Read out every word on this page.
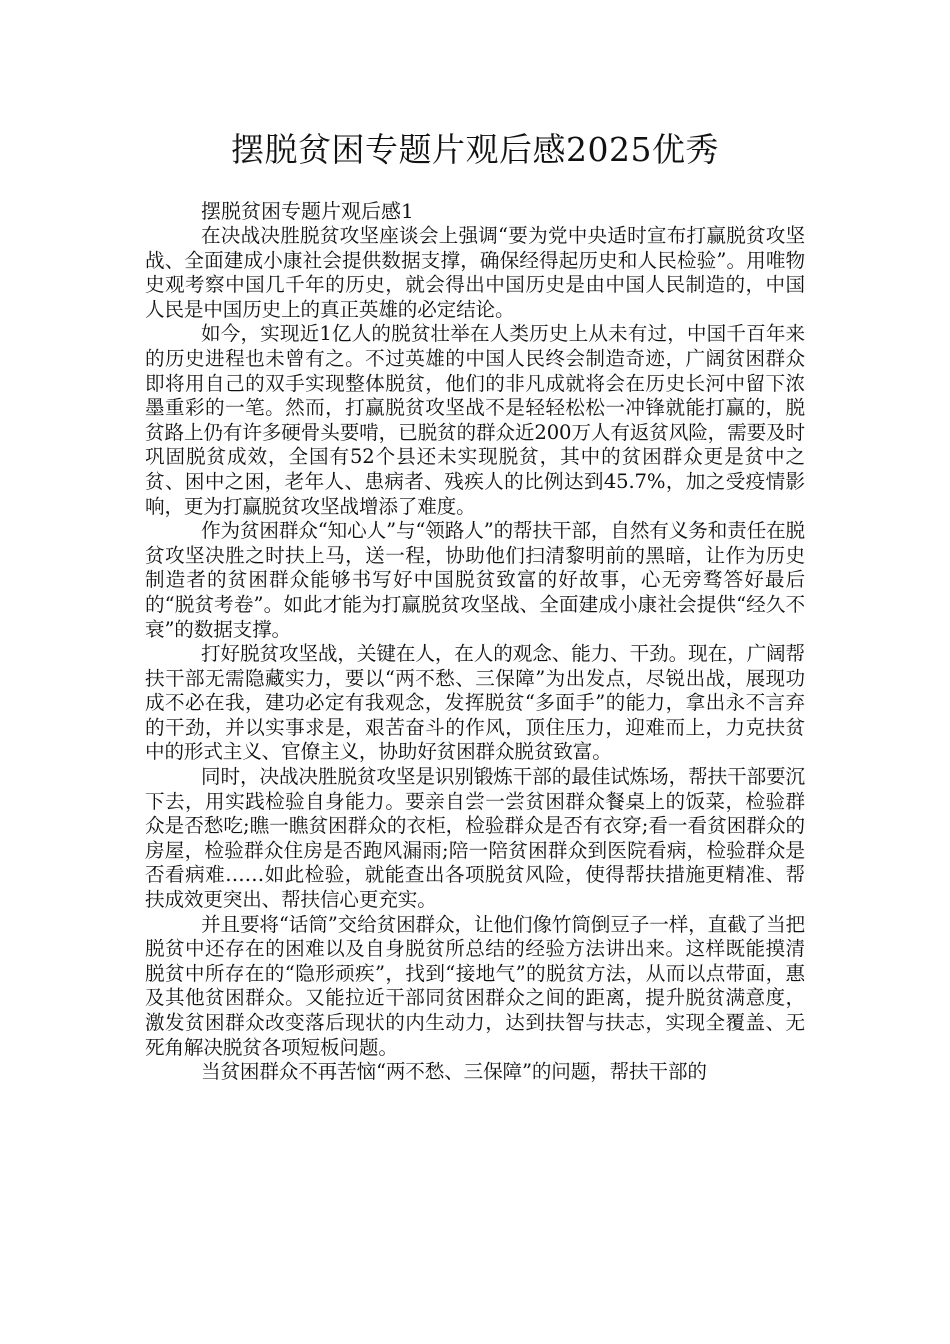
摆脱贫困专题片观后感2025优秀

摆脱贫困专题片观后感1

在决战决胜脱贫攻坚座谈会上强调“要为党中央适时宣布打赢脱贫攻坚战、全面建成小康社会提供数据支撑，确保经得起历史和人民检验”。用唯物史观考察中国几千年的历史，就会得出中国历史是由中国人民制造的，中国人民是中国历史上的真正英雄的必定结论。

如今，实现近1亿人的脱贫壮举在人类历史上从未有过，中国千百年来的历史进程也未曾有之。不过英雄的中国人民终会制造奇迹，广阔贫困群众即将用自己的双手实现整体脱贫，他们的非凡成就将会在历史长河中留下浓墨重彩的一笔。然而，打赢脱贫攻坚战不是轻轻松松一冲锋就能打赢的，脱贫路上仍有许多硬骨头要啃，已脱贫的群众近200万人有返贫风险，需要及时巩固脱贫成效，全国有52个县还未实现脱贫，其中的贫困群众更是贫中之贫、困中之困，老年人、患病者、残疾人的比例达到45.7%，加之受疫情影响，更为打赢脱贫攻坚战增添了难度。

作为贫困群众“知心人”与“领路人”的帮扶干部，自然有义务和责任在脱贫攻坚决胜之时扶上马，送一程，协助他们扫清黎明前的黑暗，让作为历史制造者的贫困群众能够书写好中国脱贫致富的好故事，心无旁骛答好最后的“脱贫考卷”。如此才能为打赢脱贫攻坚战、全面建成小康社会提供“经久不衰”的数据支撑。

打好脱贫攻坚战，关键在人，在人的观念、能力、干劲。现在，广阔帮扶干部无需隐藏实力，要以“两不愁、三保障”为出发点，尽锐出战，展现功成不必在我，建功必定有我观念，发挥脱贫“多面手”的能力，拿出永不言弃的干劲，并以实事求是，艰苦奋斗的作风，顶住压力，迎难而上，力克扶贫中的形式主义、官僚主义，协助好贫困群众脱贫致富。

同时，决战决胜脱贫攻坚是识别锻炼干部的最佳试炼场，帮扶干部要沉下去，用实践检验自身能力。要亲自尝一尝贫困群众餐桌上的饭菜，检验群众是否愁吃;瞧一瞧贫困群众的衣柜，检验群众是否有衣穿;看一看贫困群众的房屋，检验群众住房是否跑风漏雨;陪一陪贫困群众到医院看病，检验群众是否看病难……如此检验，就能查出各项脱贫风险，使得帮扶措施更精准、帮扶成效更突出、帮扶信心更充实。

并且要将“话筒”交给贫困群众，让他们像竹筒倒豆子一样，直截了当把脱贫中还存在的困难以及自身脱贫所总结的经验方法讲出来。这样既能摸清脱贫中所存在的“隐形顽疾”，找到“接地气”的脱贫方法，从而以点带面，惠及其他贫困群众。又能拉近干部同贫困群众之间的距离，提升脱贫满意度，激发贫困群众改变落后现状的内生动力，达到扶智与扶志，实现全覆盖、无死角解决脱贫各项短板问题。

当贫困群众不再苦恼“两不愁、三保障”的问题，帮扶干部的
